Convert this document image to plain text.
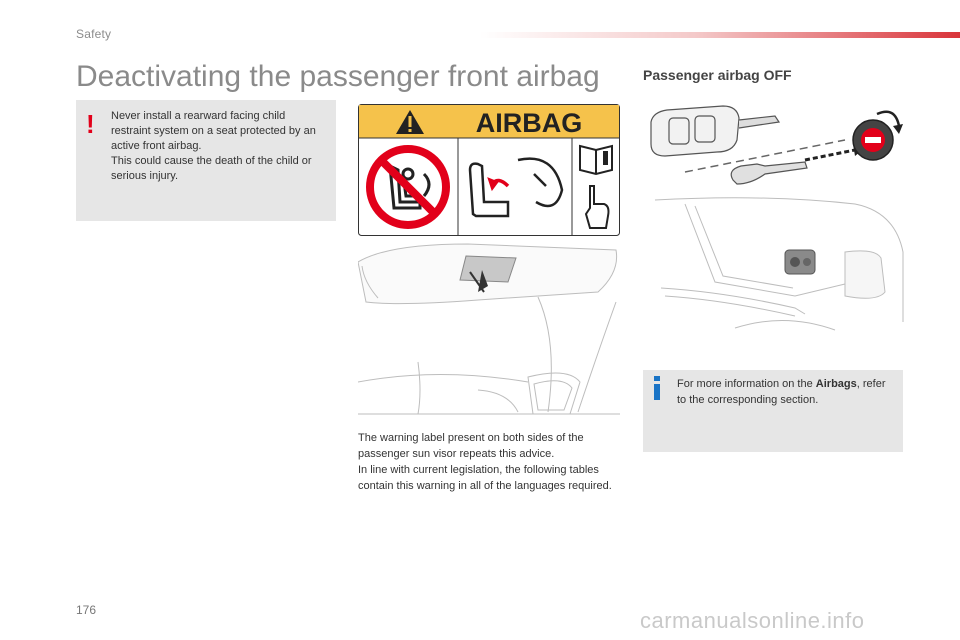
Safety
Deactivating the passenger front airbag
! Never install a rearward facing child restraint system on a seat protected by an active front airbag.

This could cause the death of the child or serious injury.

AIRBAG

The warning label present on both sides of the passenger sun visor repeats this advice.

In line with current legislation, the following tables contain this warning in all of the languages required.

Passenger airbag OFF
For more information on the Airbags, refer to the corresponding section.
176	carmanualsonline.info
